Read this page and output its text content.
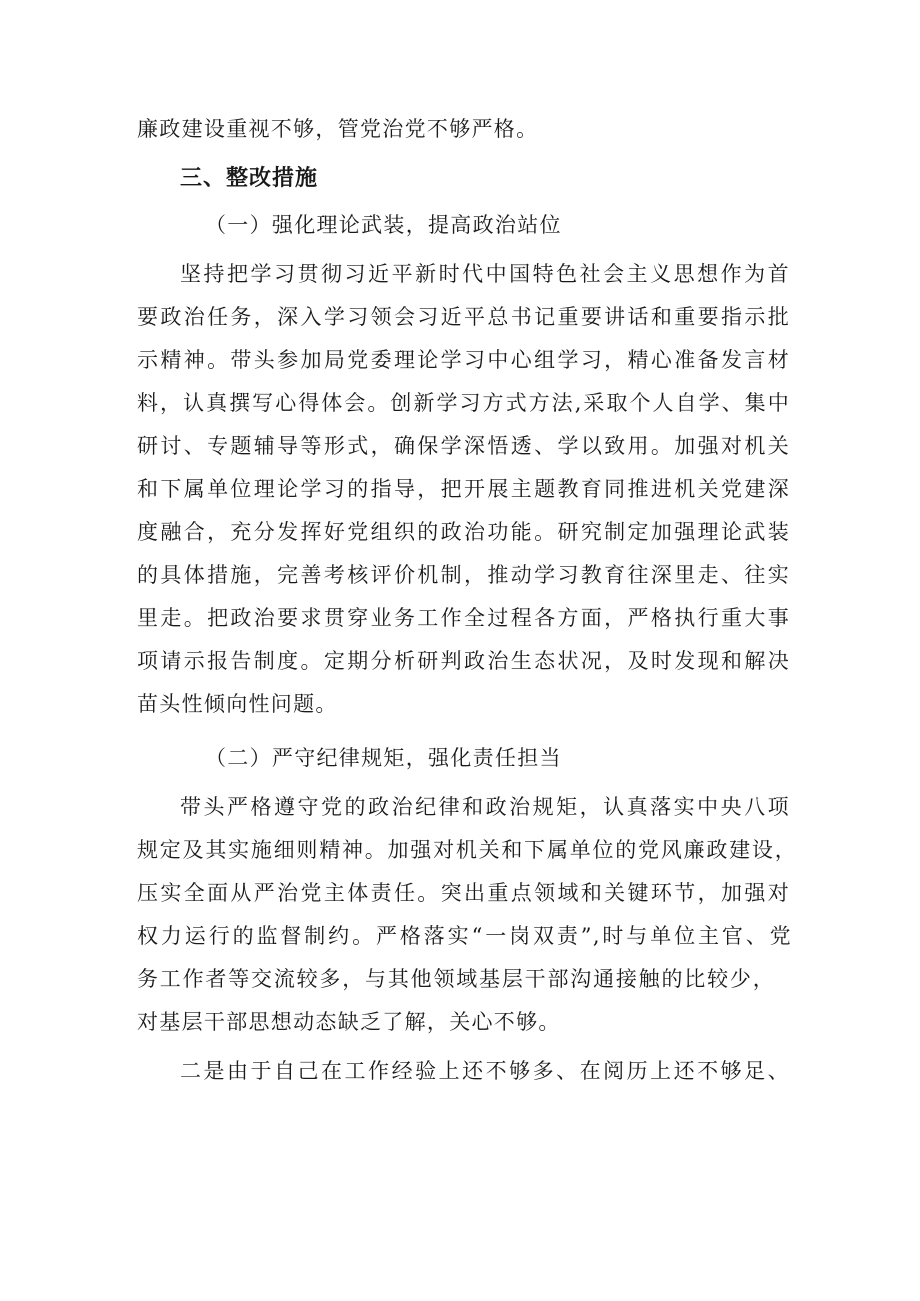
廉政建设重视不够，管党治党不够严格。
三、整改措施
（一）强化理论武装，提高政治站位
坚持把学习贯彻习近平新时代中国特色社会主义思想作为首
要政治任务，深入学习领会习近平总书记重要讲话和重要指示批
示精神。带头参加局党委理论学习中心组学习，精心准备发言材
料，认真撰写心得体会。创新学习方式方法,采取个人自学、集中
研讨、专题辅导等形式，确保学深悟透、学以致用。加强对机关
和下属单位理论学习的指导，把开展主题教育同推进机关党建深
度融合，充分发挥好党组织的政治功能。研究制定加强理论武装
的具体措施，完善考核评价机制，推动学习教育往深里走、往实
里走。把政治要求贯穿业务工作全过程各方面，严格执行重大事
项请示报告制度。定期分析研判政治生态状况，及时发现和解决
苗头性倾向性问题。
（二）严守纪律规矩，强化责任担当
带头严格遵守党的政治纪律和政治规矩，认真落实中央八项
规定及其实施细则精神。加强对机关和下属单位的党风廉政建设，
压实全面从严治党主体责任。突出重点领域和关键环节，加强对
权力运行的监督制约。严格落实“一岗双责”,时与单位主官、党
务工作者等交流较多，与其他领域基层干部沟通接触的比较少，
对基层干部思想动态缺乏了解，关心不够。
二是由于自己在工作经验上还不够多、在阅历上还不够足、
